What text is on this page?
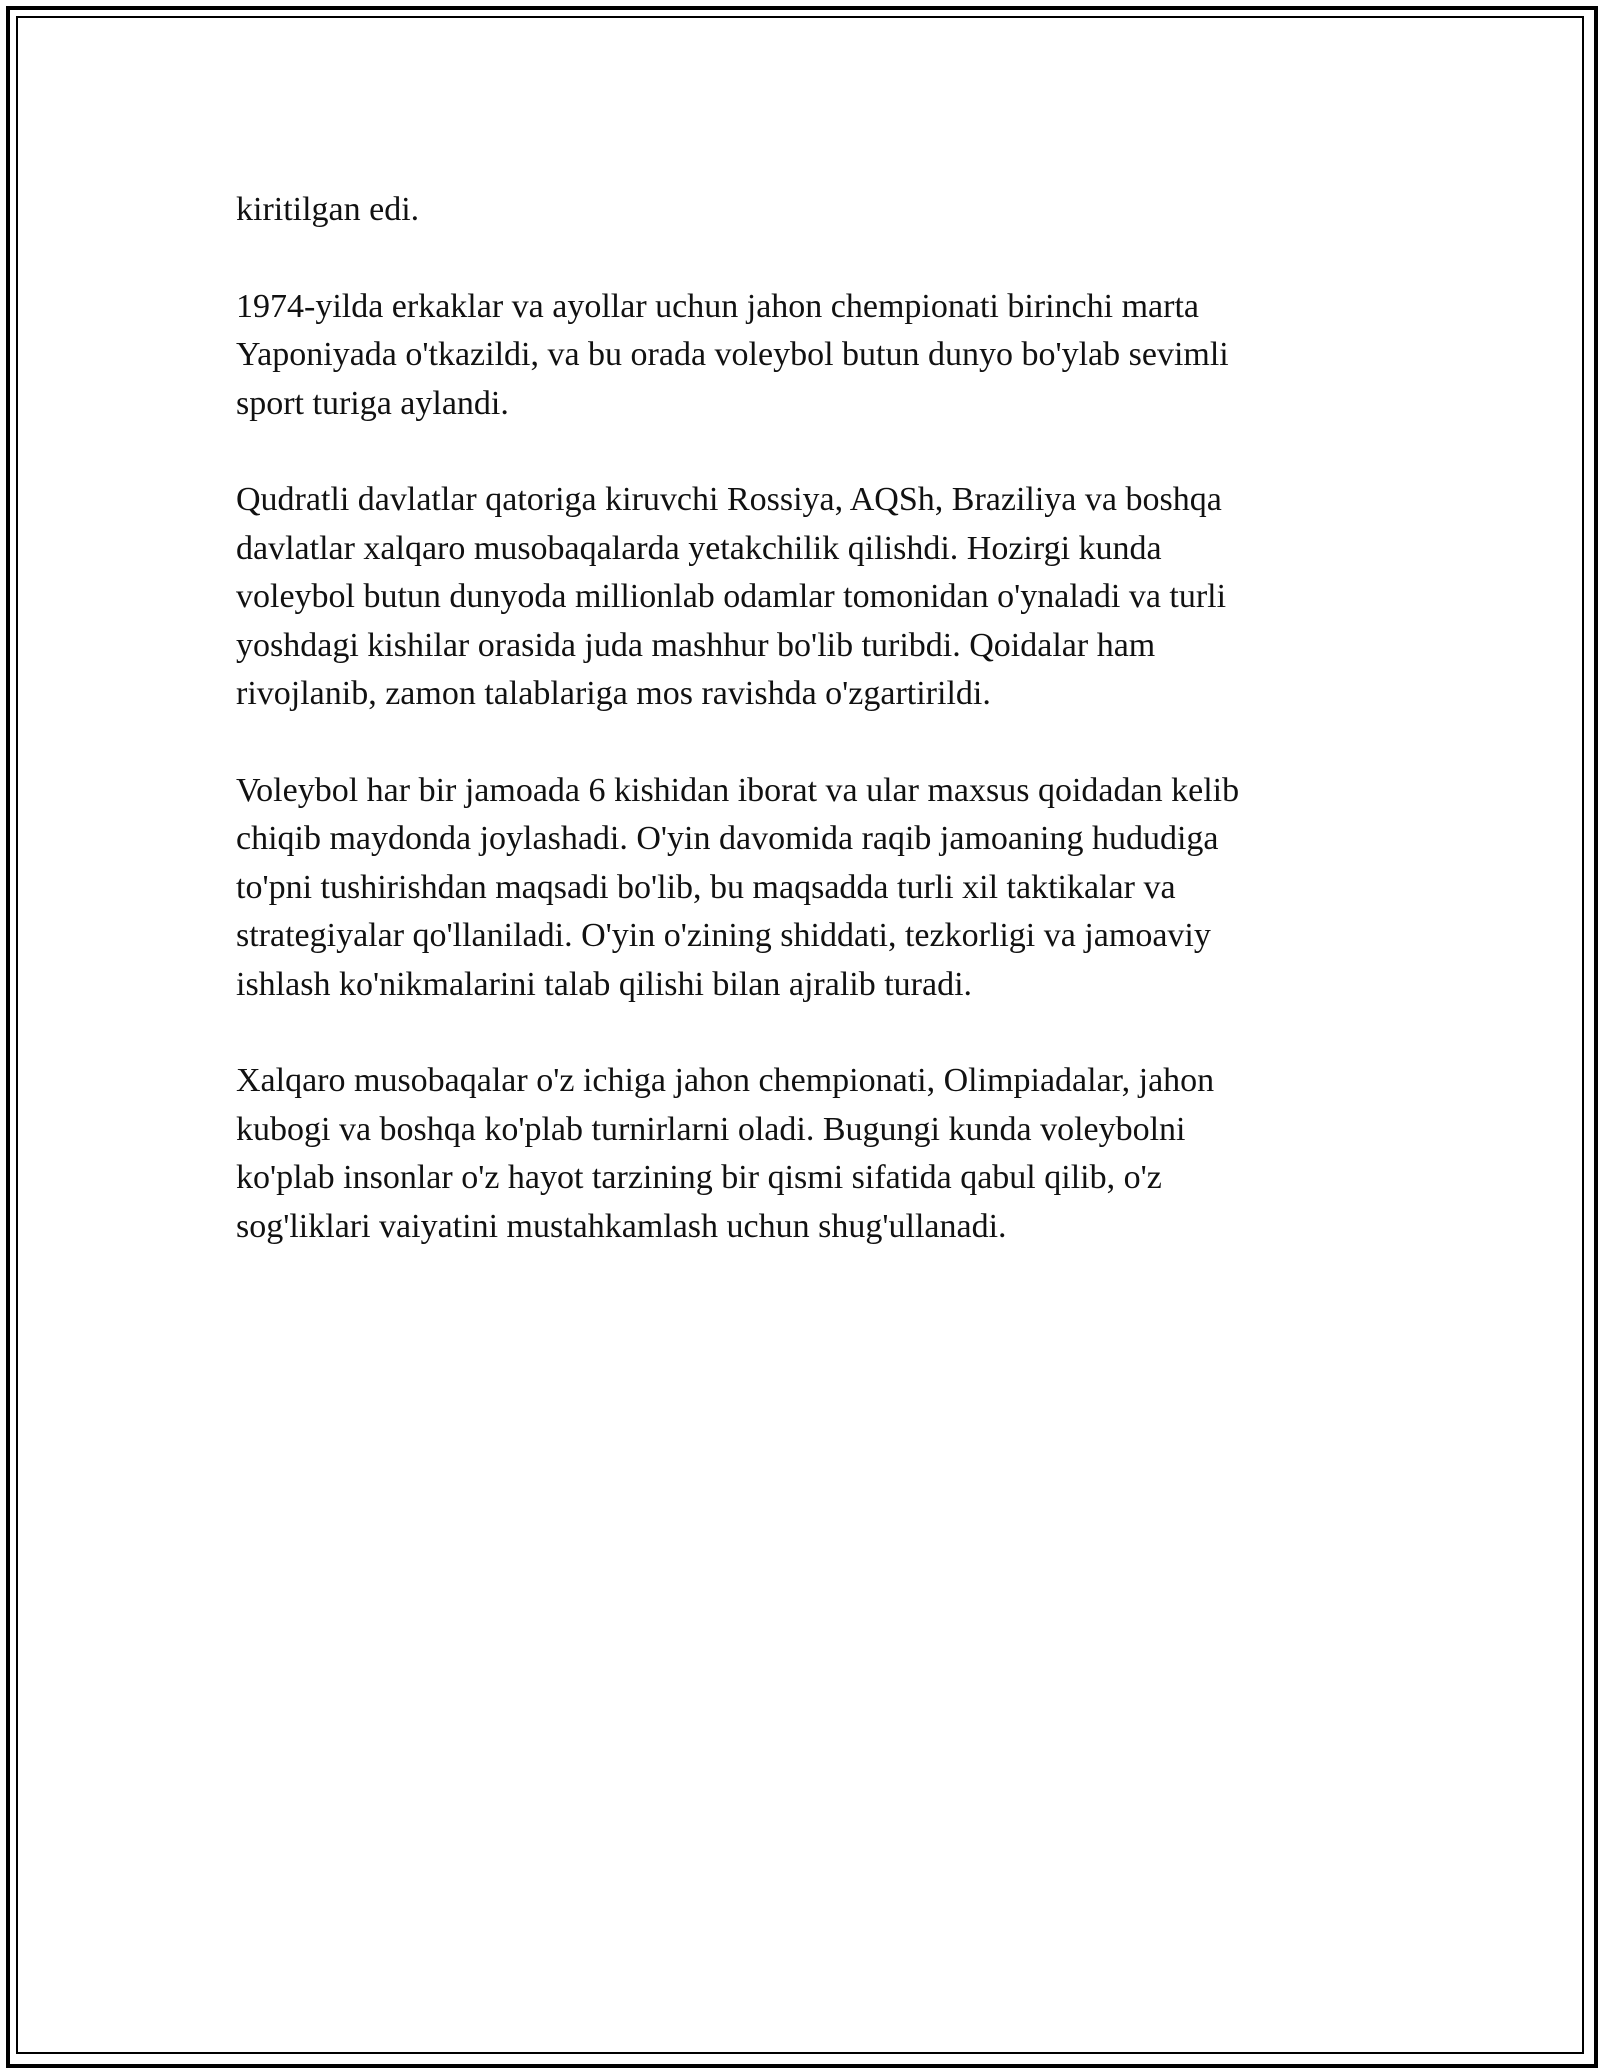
kiritilgan edi.

1974-yilda erkaklar va ayollar uchun jahon chempionati birinchi marta
Yaponiyada o'tkazildi, va bu orada voleybol butun dunyo bo'ylab sevimli
sport turiga aylandi.

Qudratli davlatlar qatoriga kiruvchi Rossiya, AQSh, Braziliya va boshqa
davlatlar xalqaro musobaqalarda yetakchilik qilishdi. Hozirgi kunda
voleybol butun dunyoda millionlab odamlar tomonidan o'ynaladi va turli
yoshdagi kishilar orasida juda mashhur bo'lib turibdi. Qoidalar ham
rivojlanib, zamon talablariga mos ravishda o'zgartirildi.

Voleybol har bir jamoada 6 kishidan iborat va ular maxsus qoidadan kelib
chiqib maydonda joylashadi. O'yin davomida raqib jamoaning hududiga
to'pni tushirishdan maqsadi bo'lib, bu maqsadda turli xil taktikalar va
strategiyalar qo'llaniladi. O'yin o'zining shiddati, tezkorligi va jamoaviy
ishlash ko'nikmalarini talab qilishi bilan ajralib turadi.

Xalqaro musobaqalar o'z ichiga jahon chempionati, Olimpiadalar, jahon
kubogi va boshqa ko'plab turnirlarni oladi. Bugungi kunda voleybolni
ko'plab insonlar o'z hayot tarzining bir qismi sifatida qabul qilib, o'z
sog'liklari vaiyatini mustahkamlash uchun shug'ullanadi.
